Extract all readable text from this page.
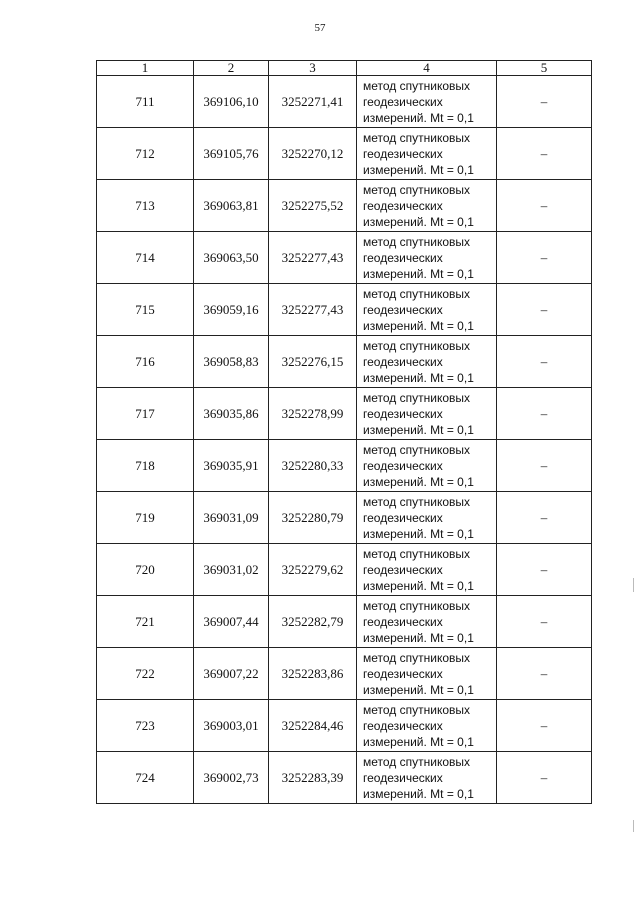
57
1	2	3	4	5
711	369106,10	3252271,41	метод спутниковых
геодезических
измерений. Mt = 0,1	–
712	369105,76	3252270,12	метод спутниковых
геодезических
измерений. Mt = 0,1	–
713	369063,81	3252275,52	метод спутниковых
геодезических
измерений. Mt = 0,1	–
714	369063,50	3252277,43	метод спутниковых
геодезических
измерений. Mt = 0,1	–
715	369059,16	3252277,43	метод спутниковых
геодезических
измерений. Mt = 0,1	–
716	369058,83	3252276,15	метод спутниковых
геодезических
измерений. Mt = 0,1	–
717	369035,86	3252278,99	метод спутниковых
геодезических
измерений. Mt = 0,1	–
718	369035,91	3252280,33	метод спутниковых
геодезических
измерений. Mt = 0,1	–
719	369031,09	3252280,79	метод спутниковых
геодезических
измерений. Mt = 0,1	–
720	369031,02	3252279,62	метод спутниковых
геодезических
измерений. Mt = 0,1	–
721	369007,44	3252282,79	метод спутниковых
геодезических
измерений. Mt = 0,1	–
722	369007,22	3252283,86	метод спутниковых
геодезических
измерений. Mt = 0,1	–
723	369003,01	3252284,46	метод спутниковых
геодезических
измерений. Mt = 0,1	–
724	369002,73	3252283,39	метод спутниковых
геодезических
измерений. Mt = 0,1	–
